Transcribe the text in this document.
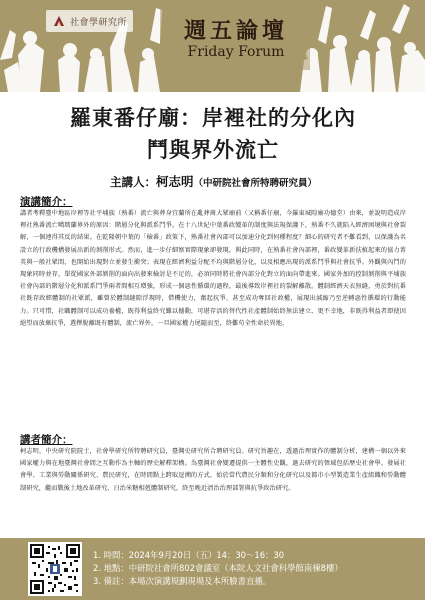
社會學研究所	週五論壇
Friday Forum
羅東番仔廟：岸裡社的分化內
鬥與界外流亡
主講人：柯志明（中研院社會所特聘研究員）
演講簡介：
講者考釋臺中地區岸裡等社平埔族（熟番）流亡與葬身宜蘭所在亂葬崗大眾廟前（又稱番仔廟，今羅東城隍廟功德堂）由來，並說明造成岸裡社熟番流亡噶瑪蘭界外的原因：階層分化與派系鬥爭。在十八世紀中葉番政變革的制度與法規保護下，熟番不久就陷入經濟困境與社會裂解，一個連得其反的結果。在乾隆朝中葉的「檢番」政策下，熟番社會內部可以加速分化到何種程度？細心的研究者不難看到，以保護為名設立的行政機構發展出新的剝削形式。然而，進一步仔細察實際現象卻發現，與此同時，在熟番社會內部裡，番政變革新扶植起來的協力菁英與一般社眾間，也開始出現對立並發生衝突；表現在經濟利益分配不均與階層分化，以及相應出現的派系鬥爭與社會抗爭。外觀與內鬥的現象同時並存，單從國家外部剝削的面向出發來檢討是不足的，必須同時將社會內部分化對立的面向帶進來。國家外加的控制剝削與平埔族社會內部的階層分化和派系鬥爭兩者間相互增強，形成一個惡性循環的過程，最後導致岸裡社的裂解離散。體制經濟天衣無縫，勇於對抗番社既存政經體制的社眾派，雖曾於體制縫隙浮現時，借機使力，奮起抗爭，甚至成功奪回社政權，展現出減縮乃至逆轉惡性循環的行動能力。只可惜，社職體制可以成功養權，既得利益終究難以撼動，可堪存活的替代性社產體制始終無法建立，更不幸地，非既得利益者即使因絕望而放棄抗爭，選擇脫離既有體制，流亡界外，一旦國家權力尾隨而至，終難苟全性命於異地。
講者簡介：
柯志明，中央研究院院士，社會學研究所特聘研究員，臺灣史研究所合聘研究員。研究旨趣在，透過治理實作的體制分析，建構一個以外來國家權力與在地臺灣社會間之互動作為主軸的歷史解釋架構。為臺灣社會變遷提供一主體性史觀，過去研究的領域包括歷史社會學、發展社會學、工業與勞動關係研究、農民研究，在時間點上跨取逗溯的方式，始於當代農民分類和分化研究以及都市小型製造業生產組織和勞動體制研究，繼而戰後土地改革研究、日治米糖相剋體制研究，終至晚近清治治理部署與抗爭政治研究。
1. 時間：2024年9月20日（五）14：30～16：30
2. 地點：中研院社會所802會議室（本院人文社會科學館南棟8樓）
3. 備註：本場次演講規劃現場及本所臉書直播。
